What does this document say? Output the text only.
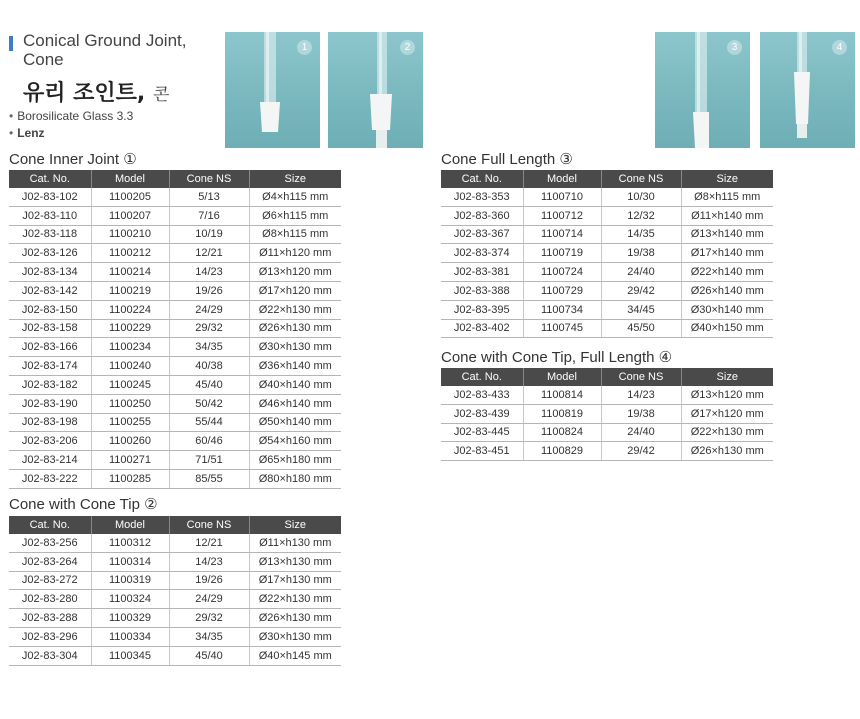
Conical Ground Joint,
Cone
유리 조인트, 콘
• Borosilicate Glass 3.3
• Lenz
1	2	3	4
Cone Inner Joint ①
Cat. No.	Model	Cone NS	Size
J02-83-102	1100205	5/13	Ø4×h115 mm
J02-83-110	1100207	7/16	Ø6×h115 mm
J02-83-118	1100210	10/19	Ø8×h115 mm
J02-83-126	1100212	12/21	Ø11×h120 mm
J02-83-134	1100214	14/23	Ø13×h120 mm
J02-83-142	1100219	19/26	Ø17×h120 mm
J02-83-150	1100224	24/29	Ø22×h130 mm
J02-83-158	1100229	29/32	Ø26×h130 mm
J02-83-166	1100234	34/35	Ø30×h130 mm
J02-83-174	1100240	40/38	Ø36×h140 mm
J02-83-182	1100245	45/40	Ø40×h140 mm
J02-83-190	1100250	50/42	Ø46×h140 mm
J02-83-198	1100255	55/44	Ø50×h140 mm
J02-83-206	1100260	60/46	Ø54×h160 mm
J02-83-214	1100271	71/51	Ø65×h180 mm
J02-83-222	1100285	85/55	Ø80×h180 mm
Cone with Cone Tip ②
Cat. No.	Model	Cone NS	Size
J02-83-256	1100312	12/21	Ø11×h130 mm
J02-83-264	1100314	14/23	Ø13×h130 mm
J02-83-272	1100319	19/26	Ø17×h130 mm
J02-83-280	1100324	24/29	Ø22×h130 mm
J02-83-288	1100329	29/32	Ø26×h130 mm
J02-83-296	1100334	34/35	Ø30×h130 mm
J02-83-304	1100345	45/40	Ø40×h145 mm
Cone Full Length ③
Cat. No.	Model	Cone NS	Size
J02-83-353	1100710	10/30	Ø8×h115 mm
J02-83-360	1100712	12/32	Ø11×h140 mm
J02-83-367	1100714	14/35	Ø13×h140 mm
J02-83-374	1100719	19/38	Ø17×h140 mm
J02-83-381	1100724	24/40	Ø22×h140 mm
J02-83-388	1100729	29/42	Ø26×h140 mm
J02-83-395	1100734	34/45	Ø30×h140 mm
J02-83-402	1100745	45/50	Ø40×h150 mm
Cone with Cone Tip, Full Length ④
Cat. No.	Model	Cone NS	Size
J02-83-433	1100814	14/23	Ø13×h120 mm
J02-83-439	1100819	19/38	Ø17×h120 mm
J02-83-445	1100824	24/40	Ø22×h130 mm
J02-83-451	1100829	29/42	Ø26×h130 mm
